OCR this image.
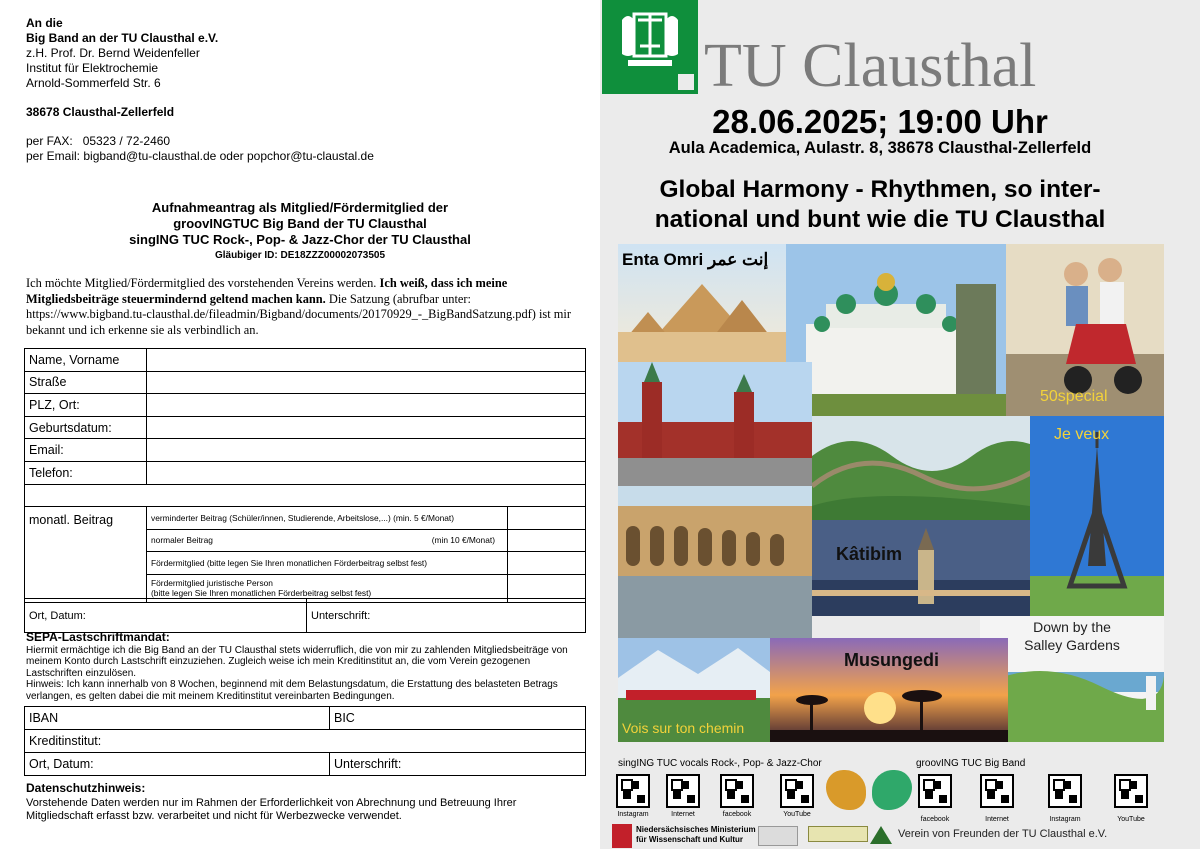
An die
Big Band an der TU Clausthal e.V.
z.H. Prof. Dr. Bernd Weidenfeller
Institut für Elektrochemie
Arnold-Sommerfeld Str. 6
38678 Clausthal-Zellerfeld
per FAX:   05323 / 72-2460
per Email: bigband@tu-clausthal.de oder popchor@tu-claustal.de
Aufnahmeantrag als Mitglied/Fördermitglied der
groovINGTUC Big Band der TU Clausthal
singING TUC Rock-, Pop- & Jazz-Chor der TU Clausthal
Gläubiger ID: DE18ZZZ00002073505
Ich möchte Mitglied/Fördermitglied des vorstehenden Vereins werden. Ich weiß, dass ich meine Mitgliedsbeiträge steuermindernd geltend machen kann. Die Satzung (abrufbar unter: https://www.bigband.tu-clausthal.de/fileadmin/Bigband/documents/20170929_-_BigBandSatzung.pdf) ist mir bekannt und ich erkenne sie als verbindlich an.
Name, Vorname	
Straße	
PLZ, Ort:	
Geburtsdatum:	
Email:	
Telefon:	

monatl. Beitrag	verminderter Beitrag (Schüler/innen, Studierende, Arbeitslose,...) (min. 5 €/Monat)	
	normaler Beitrag (min 10 €/Monat)	

	Fördermitglied (bitte legen Sie Ihren monatlichen Förderbeitrag selbst fest)	

	Fördermitglied juristische Person
(bitte legen Sie Ihren monatlichen Förderbeitrag selbst fest)	

Ort, Datum:	Unterschrift:
SEPA-Lastschriftmandat:
Hiermit ermächtige ich die Big Band an der TU Clausthal stets widerruflich, die von mir zu zahlenden Mitgliedsbeiträge von meinem Konto durch Lastschrift einzuziehen. Zugleich weise ich mein Kreditinstitut an, die vom Verein gezogenen Lastschriften einzulösen.
Hinweis: Ich kann innerhalb von 8 Wochen, beginnend mit dem Belastungsdatum, die Erstattung des belasteten Betrags verlangen, es gelten dabei die mit meinem Kreditinstitut vereinbarten Bedingungen.
IBAN	BIC
Kreditinstitut:	
Ort, Datum:	Unterschrift:
Datenschutzhinweis:
Vorstehende Daten werden nur im Rahmen der Erforderlichkeit von Abrechnung und Betreuung Ihrer Mitgliedschaft erfasst bzw. verarbeitet und nicht für Werbezwecke verwendet.
TU Clausthal
28.06.2025; 19:00 Uhr
Aula Academica, Aulastr. 8, 38678 Clausthal-Zellerfeld
Global Harmony - Rhythmen, so inter-
national und bunt wie die TU Clausthal
Enta Omri إنت عمر
50special
Je veux
Kâtibim
Down by the
Salley Gardens
Vois sur ton chemin
Musungedi
singING TUC vocals Rock-, Pop- & Jazz-Chor	groovING TUC Big Band
Instagram	Internet	facebook	YouTube
facebook	Internet	Instagram	YouTube
Niedersächsisches Ministerium
für Wissenschaft und Kultur	Verein von Freunden der TU Clausthal e.V.
